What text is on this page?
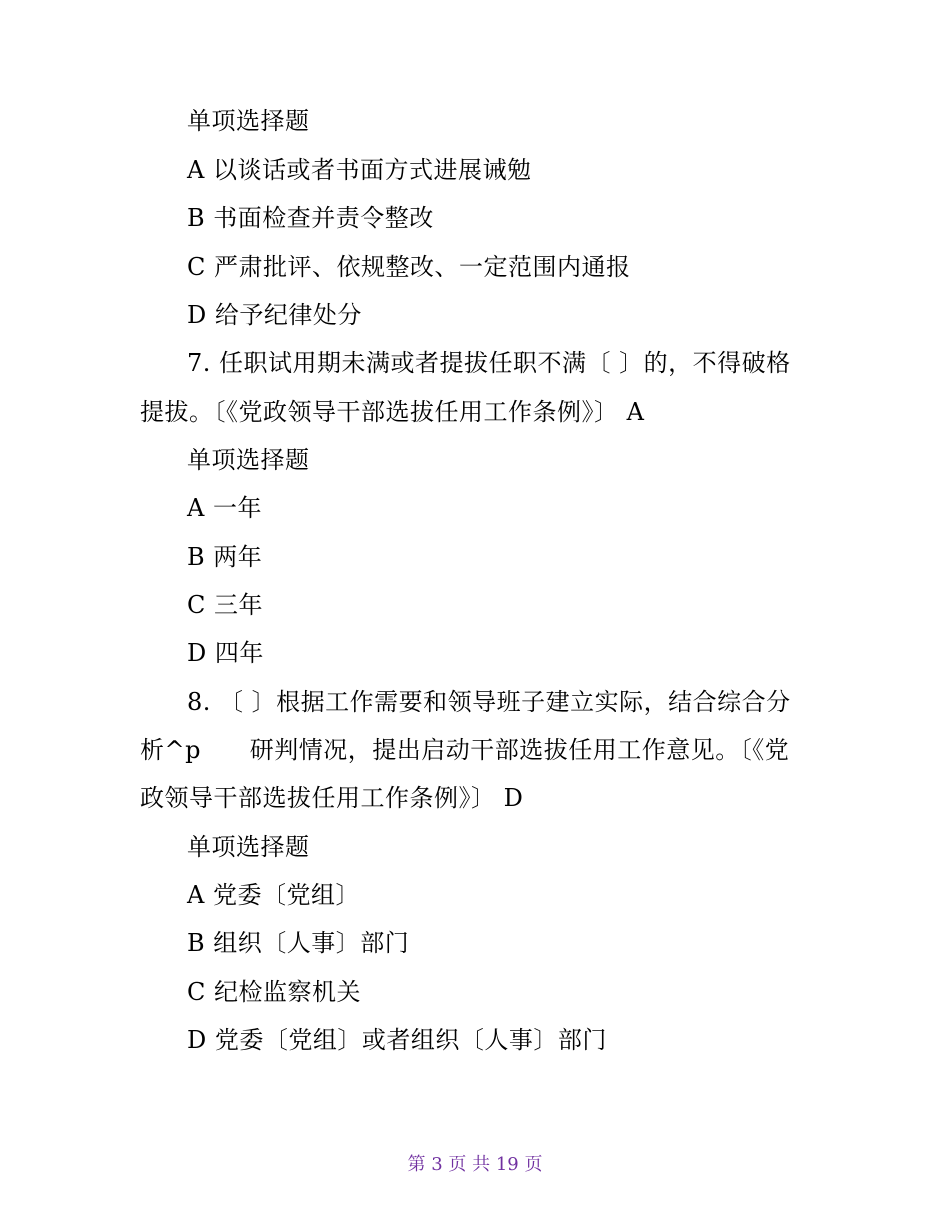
单项选择题
A 以谈话或者书面方式进展诫勉
B 书面检查并责令整改
C 严肃批评、依规整改、一定范围内通报
D 给予纪律处分
7. 任职试用期未满或者提拔任职不满〔 〕的，不得破格
提拔。〔《党政领导干部选拔任用工作条例》〕 A
单项选择题
A 一年
B 两年
C 三年
D 四年
8. 〔 〕根据工作需要和领导班子建立实际，结合综合分
析^p      研判情况，提出启动干部选拔任用工作意见。〔《党
政领导干部选拔任用工作条例》〕 D
单项选择题
A 党委〔党组〕
B 组织〔人事〕部门
C 纪检监察机关
D 党委〔党组〕或者组织〔人事〕部门
第 3 页 共 19 页
